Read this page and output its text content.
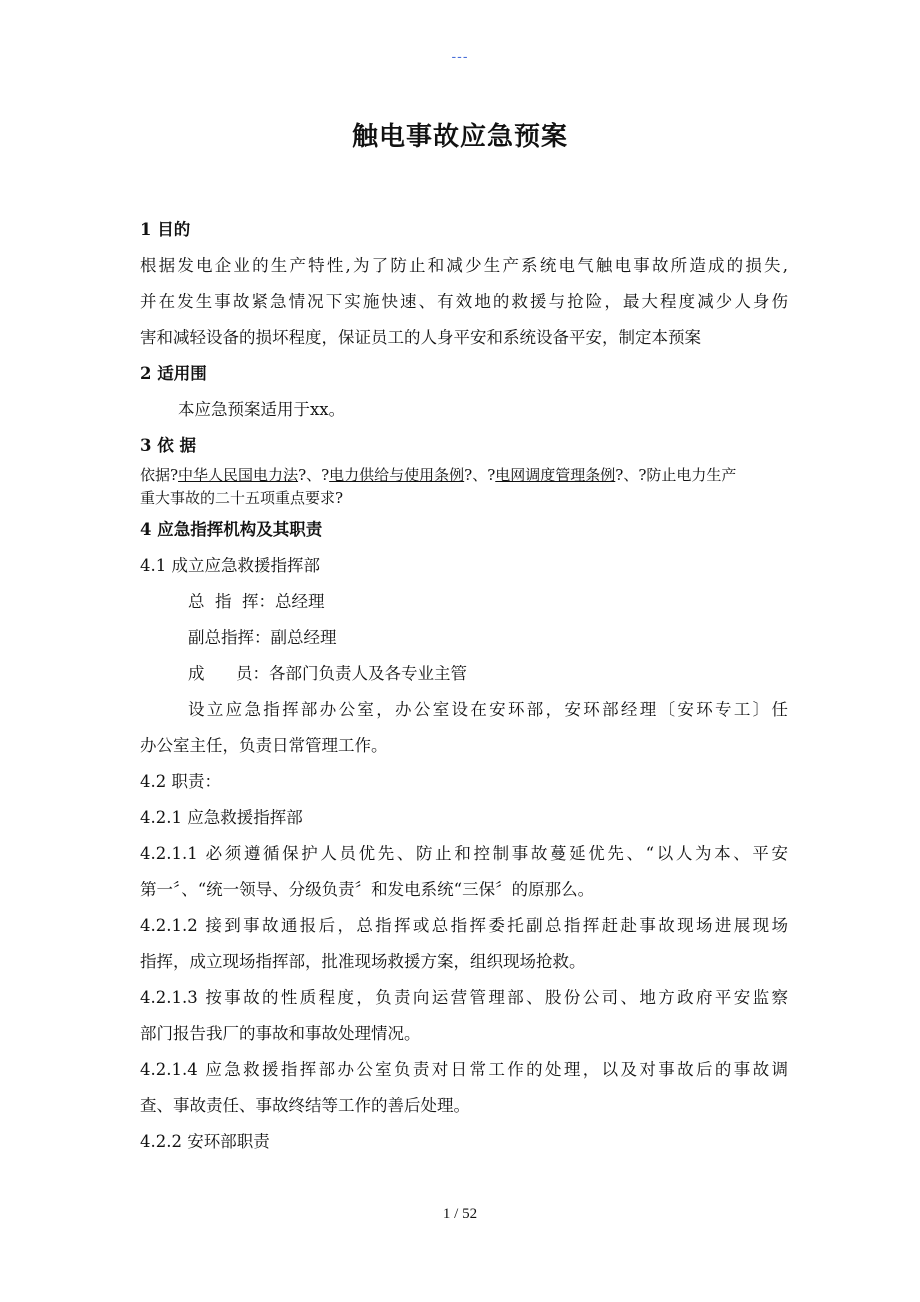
---
触电事故应急预案
1 目的
根据发电企业的生产特性,为了防止和减少生产系统电气触电事故所造成的损失,
并在发生事故紧急情况下实施快速、有效地的救援与抢险，最大程度减少人身伤
害和减轻设备的损坏程度，保证员工的人身平安和系统设备平安，制定本预案
2 适用围
本应急预案适用于xx。
3 依 据
依据?中华人民国电力法?、?电力供给与使用条例?、?电网调度管理条例?、?防止电力生产
重大事故的二十五项重点要求?
4 应急指挥机构及其职责
4.1 成立应急救援指挥部
总  指  挥：总经理
副总指挥：副总经理
成      员：各部门负责人及各专业主管
设立应急指挥部办公室，办公室设在安环部，安环部经理〔安环专工〕任
办公室主任，负责日常管理工作。
4.2 职责：
4.2.1 应急救援指挥部
4.2.1.1 必须遵循保护人员优先、防止和控制事故蔓延优先、“以人为本、平安
第一〞、“统一领导、分级负责〞和发电系统“三保〞的原那么。
4.2.1.2 接到事故通报后，总指挥或总指挥委托副总指挥赶赴事故现场进展现场
指挥，成立现场指挥部，批准现场救援方案，组织现场抢救。
4.2.1.3 按事故的性质程度，负责向运营管理部、股份公司、地方政府平安监察
部门报告我厂的事故和事故处理情况。
4.2.1.4 应急救援指挥部办公室负责对日常工作的处理，以及对事故后的事故调
查、事故责任、事故终结等工作的善后处理。
4.2.2 安环部职责
1 / 52
